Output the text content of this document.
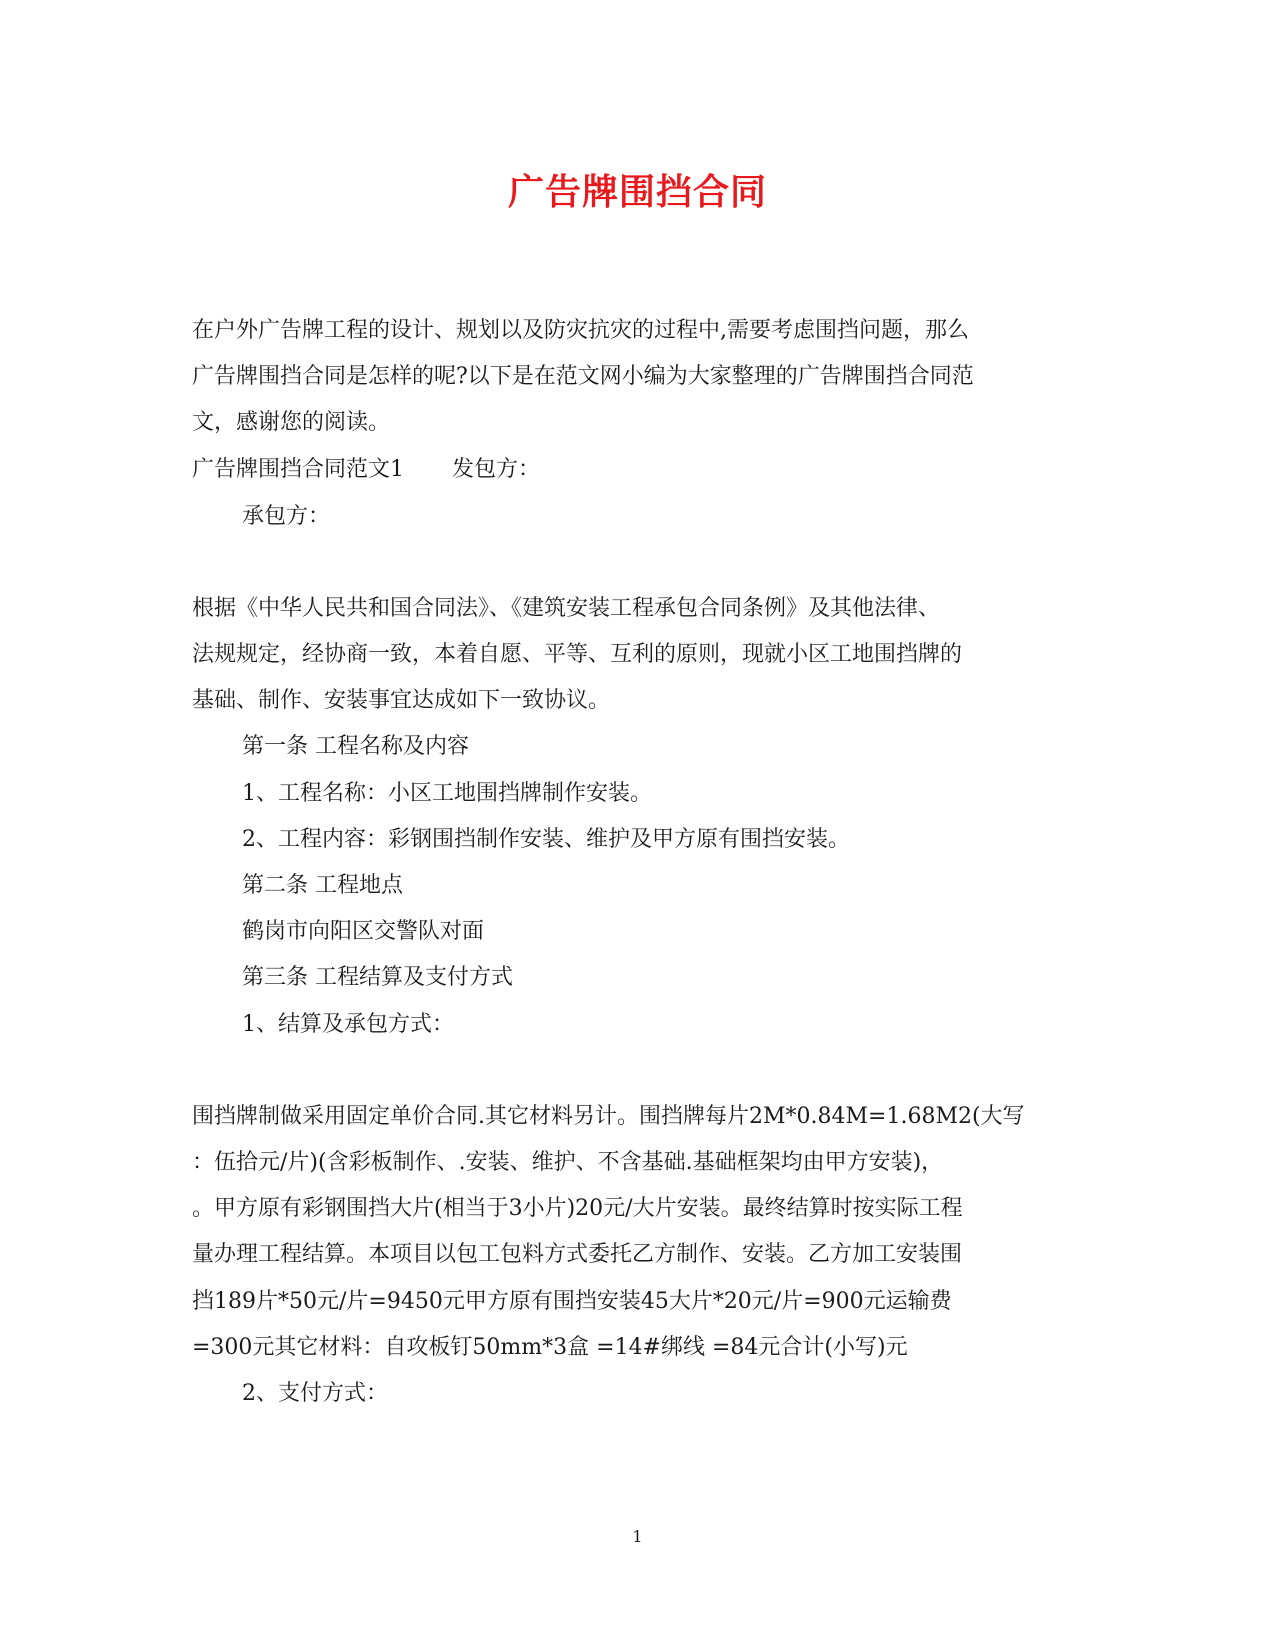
广告牌围挡合同

在户外广告牌工程的设计、规划以及防灾抗灾的过程中,需要考虑围挡问题，那么

广告牌围挡合同是怎样的呢?以下是在范文网小编为大家整理的广告牌围挡合同范

文，感谢您的阅读。

广告牌围挡合同范文1 发包方：

承包方：

根据《中华人民共和国合同法》、《建筑安装工程承包合同条例》及其他法律、

法规规定，经协商一致，本着自愿、平等、互利的原则，现就小区工地围挡牌的

基础、制作、安装事宜达成如下一致协议。

第一条 工程名称及内容

1、工程名称：小区工地围挡牌制作安装。

2、工程内容：彩钢围挡制作安装、维护及甲方原有围挡安装。

第二条 工程地点

鹤岗市向阳区交警队对面

第三条 工程结算及支付方式

1、结算及承包方式：

围挡牌制做采用固定单价合同.其它材料另计。围挡牌每片2M*0.84M=1.68M2(大写

：伍拾元/片)(含彩板制作、.安装、维护、不含基础.基础框架均由甲方安装)，

。甲方原有彩钢围挡大片(相当于3小片)20元/大片安装。最终结算时按实际工程

量办理工程结算。本项目以包工包料方式委托乙方制作、安装。乙方加工安装围

挡189片*50元/片=9450元甲方原有围挡安装45大片*20元/片=900元运输费

=300元其它材料：自攻板钉50mm*3盒 =14#绑线 =84元合计(小写)元

2、支付方式：

1
